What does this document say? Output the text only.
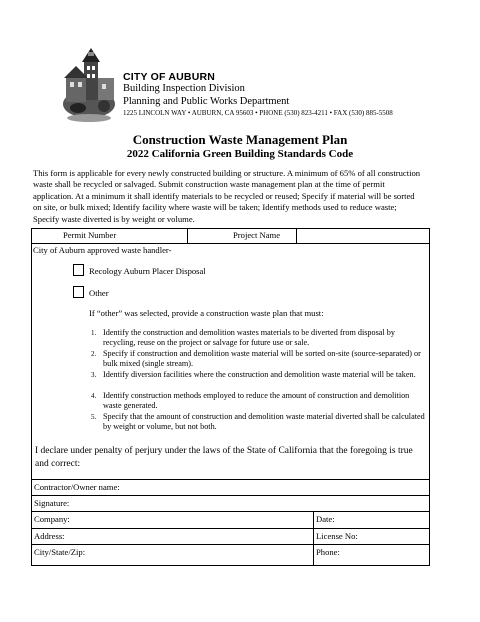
CITY OF AUBURN
Building Inspection Division
Planning and Public Works Department
1225 LINCOLN WAY • AUBURN, CA 95603 • PHONE (530) 823-4211 • FAX (530) 885-5508
Construction Waste Management Plan
2022 California Green Building Standards Code
This form is applicable for every newly constructed building or structure. A minimum of 65% of all construction waste shall be recycled or salvaged. Submit construction waste management plan at the time of permit application. At a minimum it shall identify materials to be recycled or reused; Specify if material will be sorted on site, or bulk mixed; Identify facility where waste will be taken; Identify methods used to reduce waste; Specify waste diverted is by weight or volume.
Permit Number	Project Name
City of Auburn approved waste handler-
Recology Auburn Placer Disposal
Other
If “other” was selected, provide a construction waste plan that must:
1. Identify the construction and demolition wastes materials to be diverted from disposal by recycling, reuse on the project or salvage for future use or sale.
2. Specify if construction and demolition waste material will be sorted on-site (source-separated) or bulk mixed (single stream).
3. Identify diversion facilities where the construction and demolition waste material will be taken.
4. Identify construction methods employed to reduce the amount of construction and demolition waste generated.
5. Specify that the amount of construction and demolition waste material diverted shall be calculated by weight or volume, but not both.
I declare under penalty of perjury under the laws of the State of California that the foregoing is true and correct:
Contractor/Owner name:
Signature:
Company:	Date:
Address:	License No:
City/State/Zip:	Phone:
